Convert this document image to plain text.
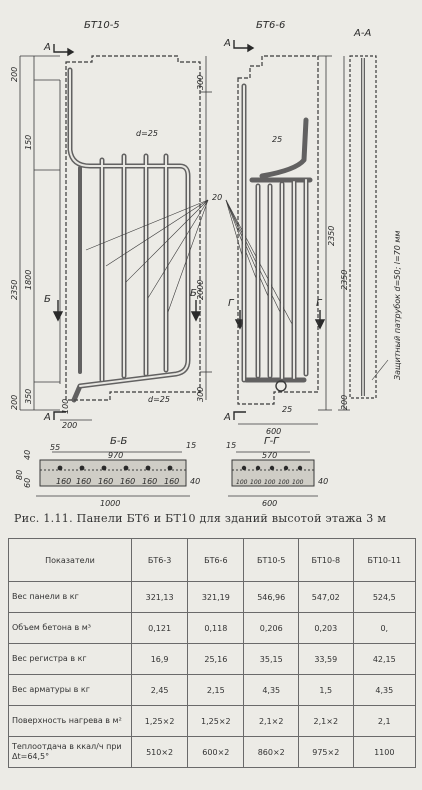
БТ10-5	БТ6-6
А-А
d=25
d=25
200
150
1800
2350
350
200	100
200
300
2000
300
А	А
Б
Б
Г	Г
А	А
20
25
25
2350
600
2350
200
Защитный патрубок d=50; l=70 мм
Б-Б
970
55	15
1000
40
40
80
60	160 160 160 160 160 160
Г-Г
570
15
600
40
100 100 100 100 100
Рис. 1.11. Панели БТ6 и БТ10 для зданий высотой этажа 3 м
Показатели	БТ6-3	БТ6-6	БТ10-5	БТ10-8	БТ10-11
Вес панели в кг	321,13	321,19	546,96	547,02	524,5
Объем бетона в м³	0,121	0,118	0,206	0,203	0,
Вес регистра в кг	16,9	25,16	35,15	33,59	42,15
Вес арматуры в кг	2,45	2,15	4,35	1,5	4,35
Поверхность нагрева в м²	1,25×2	1,25×2	2,1×2	2,1×2	2,1
Теплоотдача в ккал/ч при Δt=64,5°	510×2	600×2	860×2	975×2	1100
